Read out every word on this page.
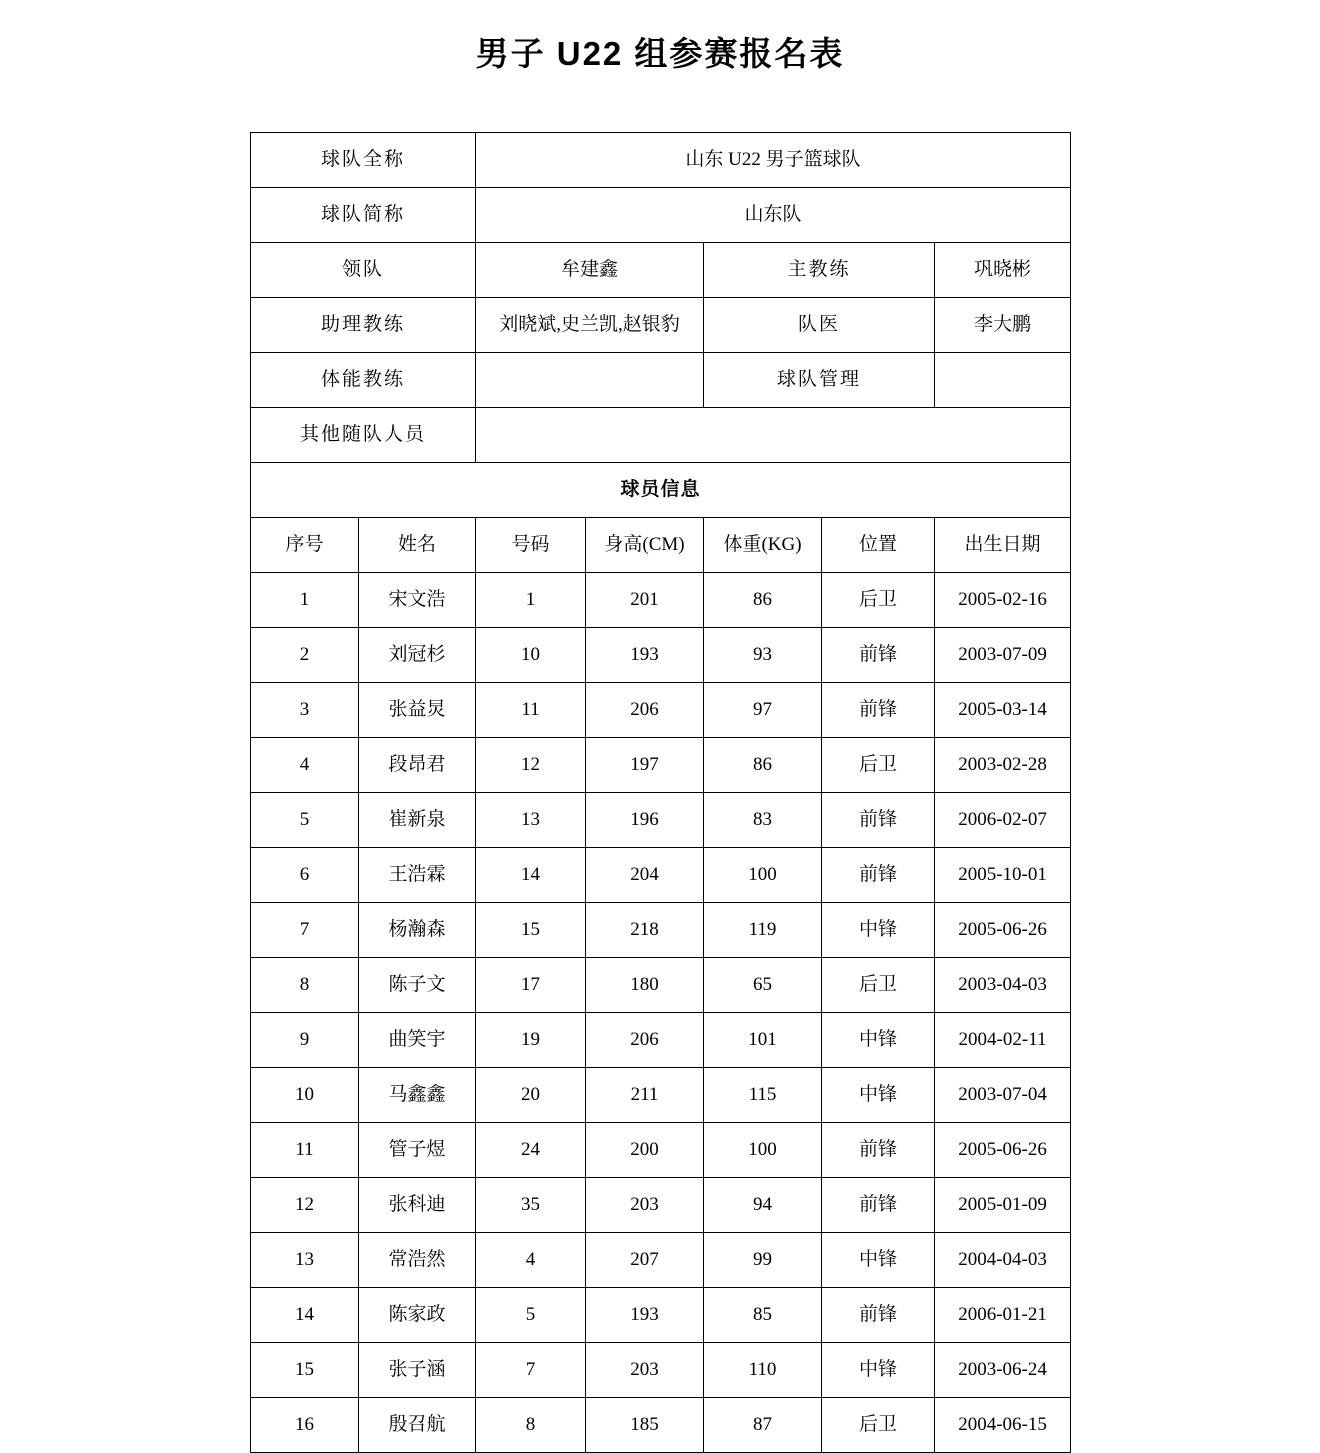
男子 U22 组参赛报名表
球队全称		山东 U22 男子篮球队				
球队简称		山东队				
领队		牟建鑫		主教练		巩晓彬
助理教练		刘晓斌,史兰凯,赵银豹		队医		李大鹏
体能教练				球队管理		
其他随队人员						
球员信息						
序号	姓名	号码	身高(CM)	体重(KG)	位置	出生日期
1	宋文浩	1	201	86	后卫	2005-02-16
2	刘冠杉	10	193	93	前锋	2003-07-09
3	张益炅	11	206	97	前锋	2005-03-14
4	段昂君	12	197	86	后卫	2003-02-28
5	崔新泉	13	196	83	前锋	2006-02-07
6	王浩霖	14	204	100	前锋	2005-10-01
7	杨瀚森	15	218	119	中锋	2005-06-26
8	陈子文	17	180	65	后卫	2003-04-03
9	曲笑宇	19	206	101	中锋	2004-02-11
10	马鑫鑫	20	211	115	中锋	2003-07-04
11	管子煜	24	200	100	前锋	2005-06-26
12	张科迪	35	203	94	前锋	2005-01-09
13	常浩然	4	207	99	中锋	2004-04-03
14	陈家政	5	193	85	前锋	2006-01-21
15	张子涵	7	203	110	中锋	2003-06-24
16	殷召航	8	185	87	后卫	2004-06-15
